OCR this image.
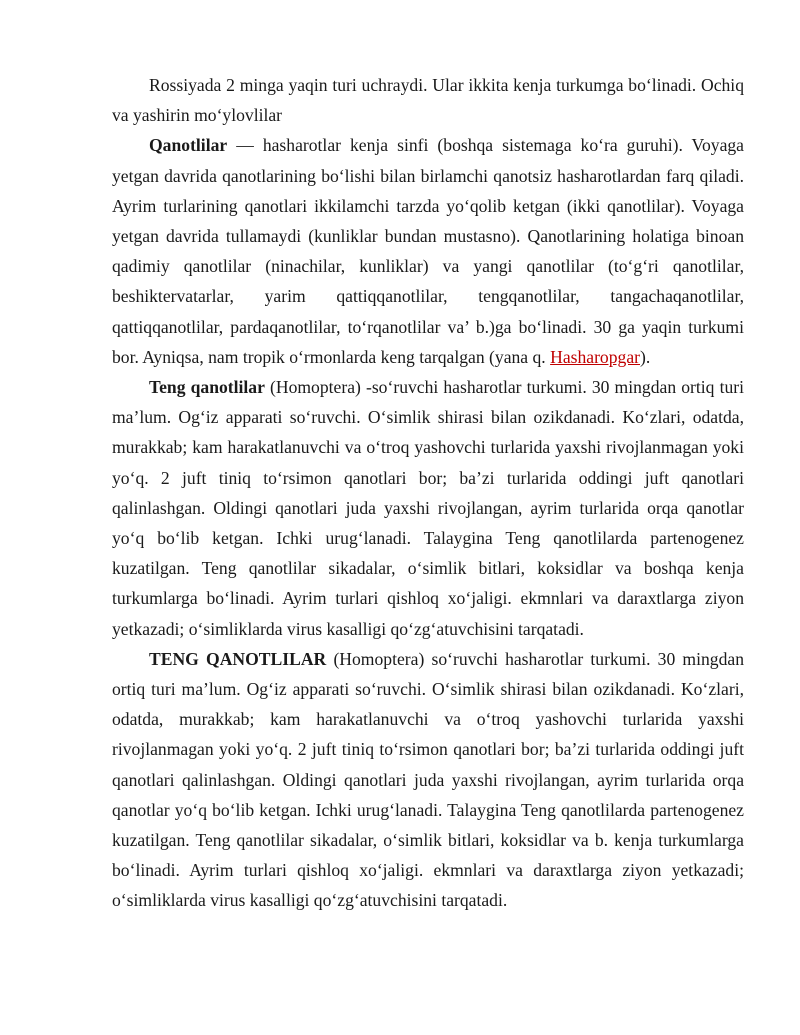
Rossiyada 2 minga yaqin turi uchraydi. Ular ikkita kenja turkumga boʻlinadi. Ochiq va yashirin moʻylovlilar

Qanotlilar — hasharotlar kenja sinfi (boshqa sistemaga koʻra guruhi). Voyaga yetgan davrida qanotlarining boʻlishi bilan birlamchi qanotsiz hasharotlardan farq qiladi. Ayrim turlarining qanotlari ikkilamchi tarzda yoʻqolib ketgan (ikki qanotlilar). Voyaga yetgan davrida tullamaydi (kunliklar bundan mustasno). Qanotlarining holatiga binoan qadimiy qanotlilar (ninachilar, kunliklar) va yangi qanotlilar (toʻgʻri qanotlilar, beshiktervatarlar, yarim qattiqqanotlilar, tengqanotlilar, tangachaqanotlilar, qattiqqanotlilar, pardaqanotlilar, toʻrqanotlilar va’ b.)ga boʻlinadi. 30 ga yaqin turkumi bor. Ayniqsa, nam tropik oʻrmonlarda keng tarqalgan (yana q. Hasharopgar).

Teng qanotlilar (Homoptera) -soʻruvchi hasharotlar turkumi. 30 mingdan ortiq turi ma’lum. Ogʻiz apparati soʻruvchi. Oʻsimlik shirasi bilan ozikdanadi. Koʻzlari, odatda, murakkab; kam harakatlanuvchi va oʻtroq yashovchi turlarida yaxshi rivojlanmagan yoki yoʻq. 2 juft tiniq toʻrsimon qanotlari bor; ba’zi turlarida oddingi juft qanotlari qalinlashgan. Oldingi qanotlari juda yaxshi rivojlangan, ayrim turlarida orqa qanotlar yoʻq boʻlib ketgan. Ichki urugʻlanadi. Talaygina Teng qanotlilarda partenogenez kuzatilgan. Teng qanotlilar sikadalar, oʻsimlik bitlari, koksidlar va boshqa kenja turkumlarga boʻlinadi. Ayrim turlari qishloq xoʻjaligi. ekmnlari va daraxtlarga ziyon yetkazadi; oʻsimliklarda virus kasalligi qoʻzgʻatuvchisini tarqatadi.

TENG QANOTLILAR (Homoptera) soʻruvchi hasharotlar turkumi. 30 mingdan ortiq turi ma’lum. Ogʻiz apparati soʻruvchi. Oʻsimlik shirasi bilan ozikdanadi. Koʻzlari, odatda, murakkab; kam harakatlanuvchi va oʻtroq yashovchi turlarida yaxshi rivojlanmagan yoki yoʻq. 2 juft tiniq toʻrsimon qanotlari bor; ba’zi turlarida oddingi juft qanotlari qalinlashgan. Oldingi qanotlari juda yaxshi rivojlangan, ayrim turlarida orqa qanotlar yoʻq boʻlib ketgan. Ichki urugʻlanadi. Talaygina Teng qanotlilarda partenogenez kuzatilgan. Teng qanotlilar sikadalar, oʻsimlik bitlari, koksidlar va b. kenja turkumlarga boʻlinadi. Ayrim turlari qishloq xoʻjaligi. ekmnlari va daraxtlarga ziyon yetkazadi; oʻsimliklarda virus kasalligi qoʻzgʻatuvchisini tarqatadi.
